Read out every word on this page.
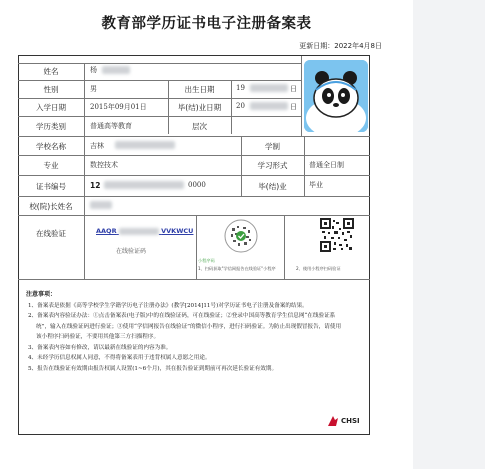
教育部学历证书电子注册备案表
更新日期：2022年4月8日
姓名	杨
性别	男	出生日期	19	日
入学日期	2015年09月01日	毕(结)业日期	20	日
学历类别	普通高等教育	层次
学校名称	吉林	学制
专业	数控技术	学习形式	普通全日制
证书编号	12	0000	毕(结)业	毕业
校(院)长姓名
在线验证	AAQR	VVKWCU
在线验证码
小程序码
1、扫码获取"学信网报告在线验证"小程序	2、使用小程序扫码验证
注意事项：
1、备案表是依据《高等学校学生学籍学历电子注册办法》(教学[2014]11号)对学历证书电子注册及备案的结果。
2、备案表内容验证办法：①点击备案表(电子版)中的在线验证码，可在线验证；②登录中国高等教育学生信息网“在线验证系统”，输入在线验证码进行验证；③使用“学信网报告在线验证”的微信小程序，进行扫码验证。为防止出现假冒报告，请使用该小程序扫码验证，不要用其他第三方扫描程序。
3、备案表内容如有修改，请以最新在线验证的内容为准。
4、未经学历信息权属人同意，不得将备案表用于违背权属人意愿之用途。
5、报告在线验证有效期由报告权属人设置(1~6个月)，其在报告验证到期前可再次延长验证有效期。
CHSI
